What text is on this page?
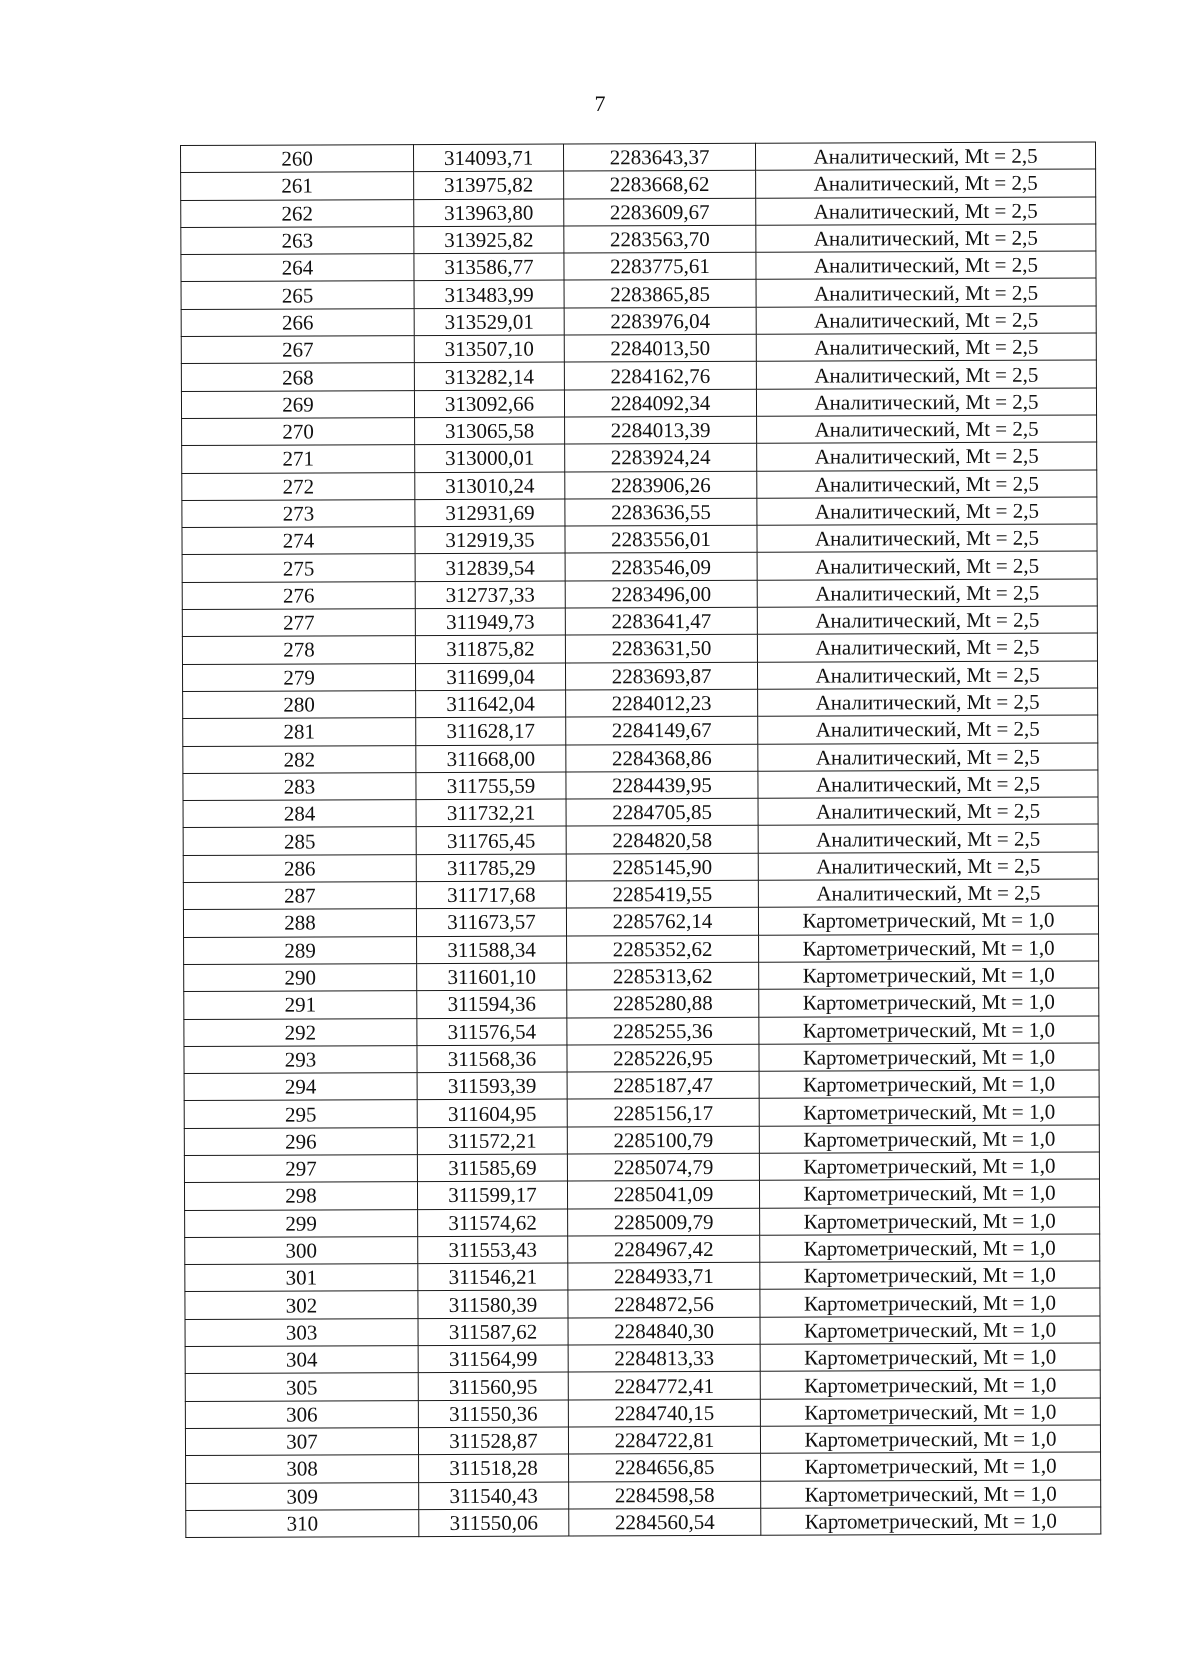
7
260	314093,71	2283643,37	Аналитический, Mt = 2,5
261	313975,82	2283668,62	Аналитический, Mt = 2,5
262	313963,80	2283609,67	Аналитический, Mt = 2,5
263	313925,82	2283563,70	Аналитический, Mt = 2,5
264	313586,77	2283775,61	Аналитический, Mt = 2,5
265	313483,99	2283865,85	Аналитический, Mt = 2,5
266	313529,01	2283976,04	Аналитический, Mt = 2,5
267	313507,10	2284013,50	Аналитический, Mt = 2,5
268	313282,14	2284162,76	Аналитический, Mt = 2,5
269	313092,66	2284092,34	Аналитический, Mt = 2,5
270	313065,58	2284013,39	Аналитический, Mt = 2,5
271	313000,01	2283924,24	Аналитический, Mt = 2,5
272	313010,24	2283906,26	Аналитический, Mt = 2,5
273	312931,69	2283636,55	Аналитический, Mt = 2,5
274	312919,35	2283556,01	Аналитический, Mt = 2,5
275	312839,54	2283546,09	Аналитический, Mt = 2,5
276	312737,33	2283496,00	Аналитический, Mt = 2,5
277	311949,73	2283641,47	Аналитический, Mt = 2,5
278	311875,82	2283631,50	Аналитический, Mt = 2,5
279	311699,04	2283693,87	Аналитический, Mt = 2,5
280	311642,04	2284012,23	Аналитический, Mt = 2,5
281	311628,17	2284149,67	Аналитический, Mt = 2,5
282	311668,00	2284368,86	Аналитический, Mt = 2,5
283	311755,59	2284439,95	Аналитический, Mt = 2,5
284	311732,21	2284705,85	Аналитический, Mt = 2,5
285	311765,45	2284820,58	Аналитический, Mt = 2,5
286	311785,29	2285145,90	Аналитический, Mt = 2,5
287	311717,68	2285419,55	Аналитический, Mt = 2,5
288	311673,57	2285762,14	Картометрический, Mt = 1,0
289	311588,34	2285352,62	Картометрический, Mt = 1,0
290	311601,10	2285313,62	Картометрический, Mt = 1,0
291	311594,36	2285280,88	Картометрический, Mt = 1,0
292	311576,54	2285255,36	Картометрический, Mt = 1,0
293	311568,36	2285226,95	Картометрический, Mt = 1,0
294	311593,39	2285187,47	Картометрический, Mt = 1,0
295	311604,95	2285156,17	Картометрический, Mt = 1,0
296	311572,21	2285100,79	Картометрический, Mt = 1,0
297	311585,69	2285074,79	Картометрический, Mt = 1,0
298	311599,17	2285041,09	Картометрический, Mt = 1,0
299	311574,62	2285009,79	Картометрический, Mt = 1,0
300	311553,43	2284967,42	Картометрический, Mt = 1,0
301	311546,21	2284933,71	Картометрический, Mt = 1,0
302	311580,39	2284872,56	Картометрический, Mt = 1,0
303	311587,62	2284840,30	Картометрический, Mt = 1,0
304	311564,99	2284813,33	Картометрический, Mt = 1,0
305	311560,95	2284772,41	Картометрический, Mt = 1,0
306	311550,36	2284740,15	Картометрический, Mt = 1,0
307	311528,87	2284722,81	Картометрический, Mt = 1,0
308	311518,28	2284656,85	Картометрический, Mt = 1,0
309	311540,43	2284598,58	Картометрический, Mt = 1,0
310	311550,06	2284560,54	Картометрический, Mt = 1,0
